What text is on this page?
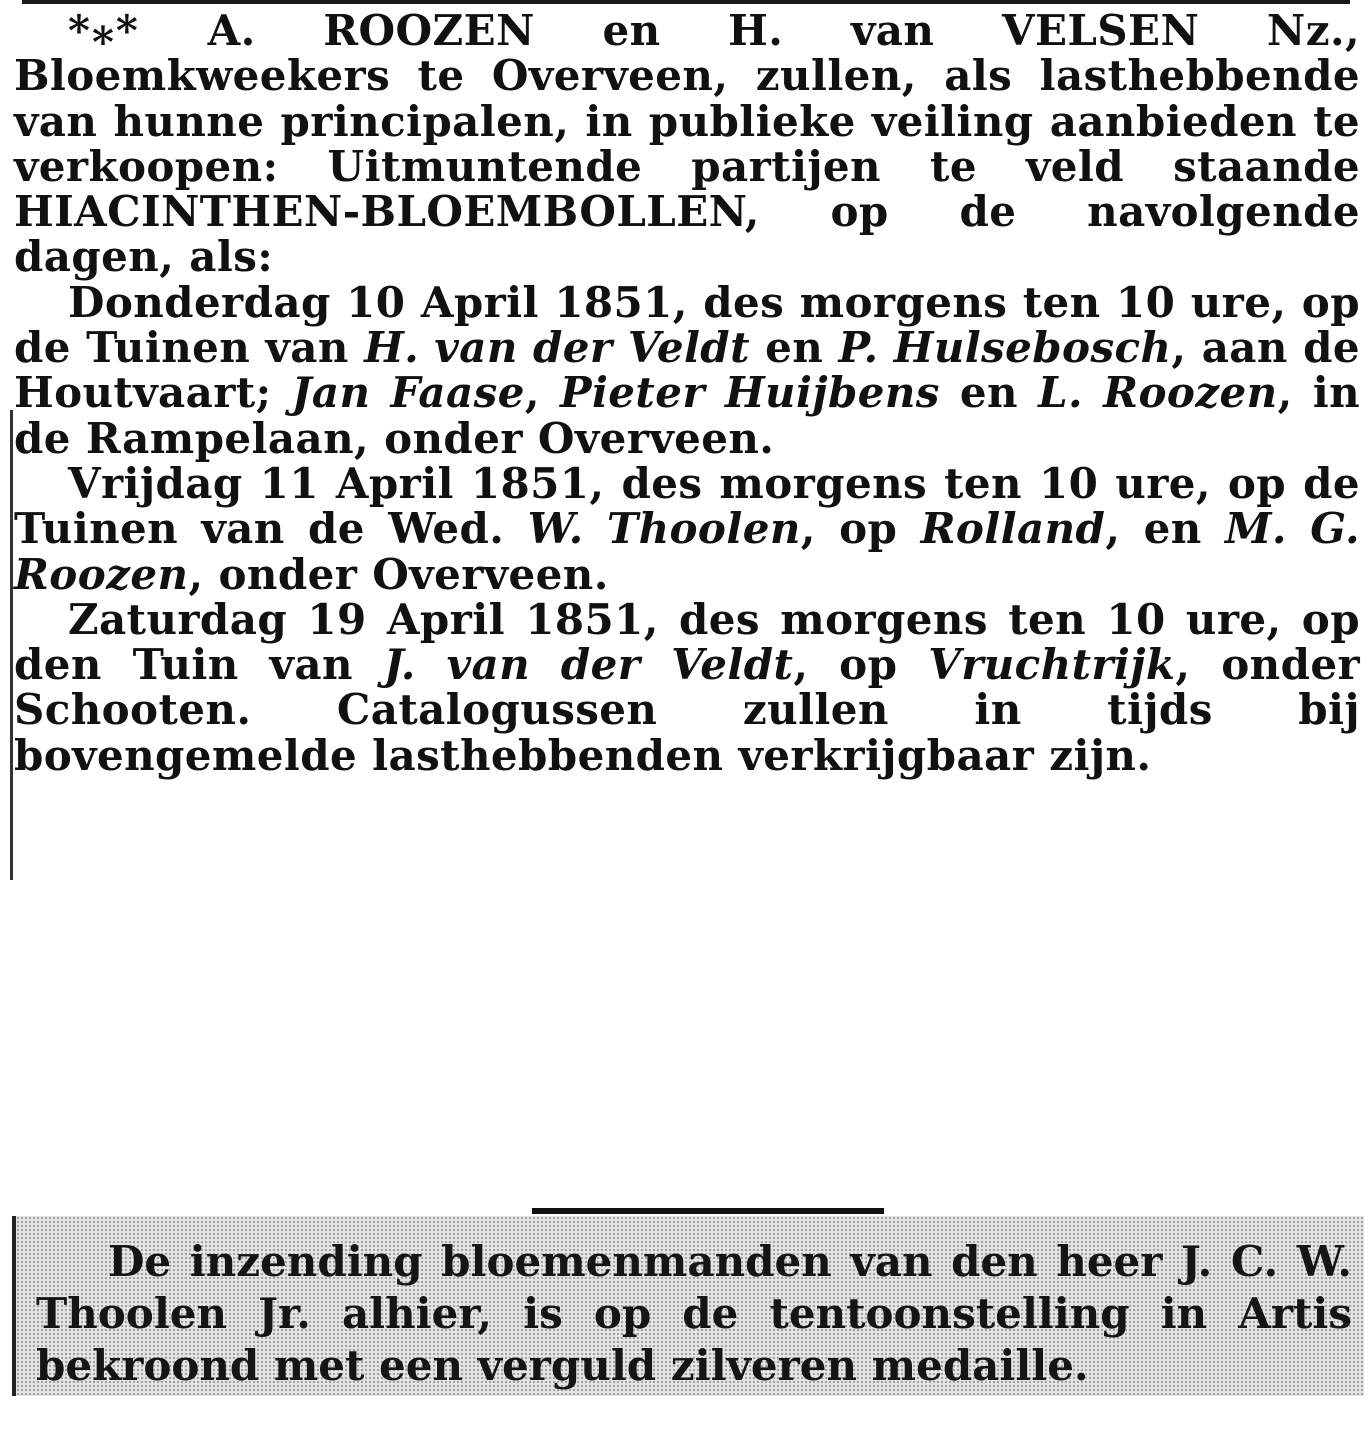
*⁎* A. ROOZEN en H. van VELSEN Nz., Bloemkweekers te Overveen, zullen, als lasthebbende van hunne principalen, in publieke veiling aanbieden te verkoopen: Uitmuntende partijen te veld staande HIACINTHEN-BLOEMBOLLEN, op de navolgende dagen, als:

Donderdag 10 April 1851, des morgens ten 10 ure, op de Tuinen van H. van der Veldt en P. Hulsebosch, aan de Houtvaart; Jan Faase, Pieter Huijbens en L. Roozen, in de Rampelaan, onder Overveen.

Vrijdag 11 April 1851, des morgens ten 10 ure, op de Tuinen van de Wed. W. Thoolen, op Rolland, en M. G. Roozen, onder Overveen.

Zaturdag 19 April 1851, des morgens ten 10 ure, op den Tuin van J. van der Veldt, op Vruchtrijk, onder Schooten. Catalogussen zullen in tijds bij bovengemelde lasthebbenden verkrijgbaar zijn.

De inzending bloemenmanden van den heer J. C. W. Thoolen Jr. alhier, is op de tentoonstelling in Artis bekroond met een verguld zilveren medaille.
